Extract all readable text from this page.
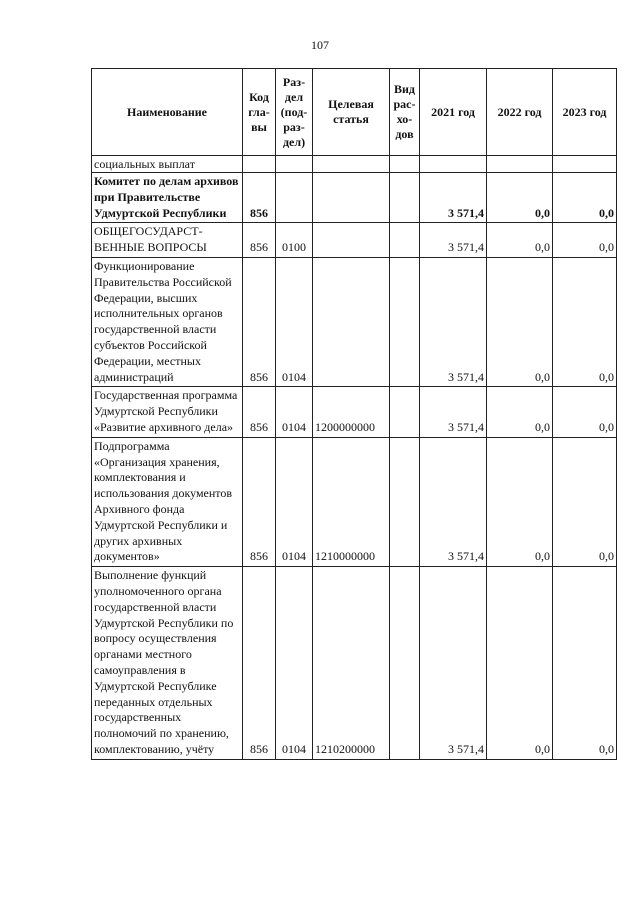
107
Наименование	Код гла-вы	Раз-дел (под-раз-дел)	Целевая статья	Вид рас-хо-дов	2021 год	2022 год	2023 год
социальных выплат							
Комитет по делам архивов при Правительстве Удмуртской Республики	856				3 571,4	0,0	0,0
ОБЩЕГОСУДАРСТ-ВЕННЫЕ ВОПРОСЫ	856	0100			3 571,4	0,0	0,0
Функционирование Правительства Российской Федерации, высших исполнительных органов государственной власти субъектов Российской Федерации, местных администраций	856	0104			3 571,4	0,0	0,0
Государственная программа Удмуртской Республики «Развитие архивного дела»	856	0104	1200000000		3 571,4	0,0	0,0
Подпрограмма «Организация хранения, комплектования и использования документов Архивного фонда Удмуртской Республики и других архивных документов»	856	0104	1210000000		3 571,4	0,0	0,0
Выполнение функций уполномоченного органа государственной власти Удмуртской Республики по вопросу осуществления органами местного самоуправления в Удмуртской Республике переданных отдельных государственных полномочий по хранению, комплектованию, учёту	856	0104	1210200000		3 571,4	0,0	0,0
